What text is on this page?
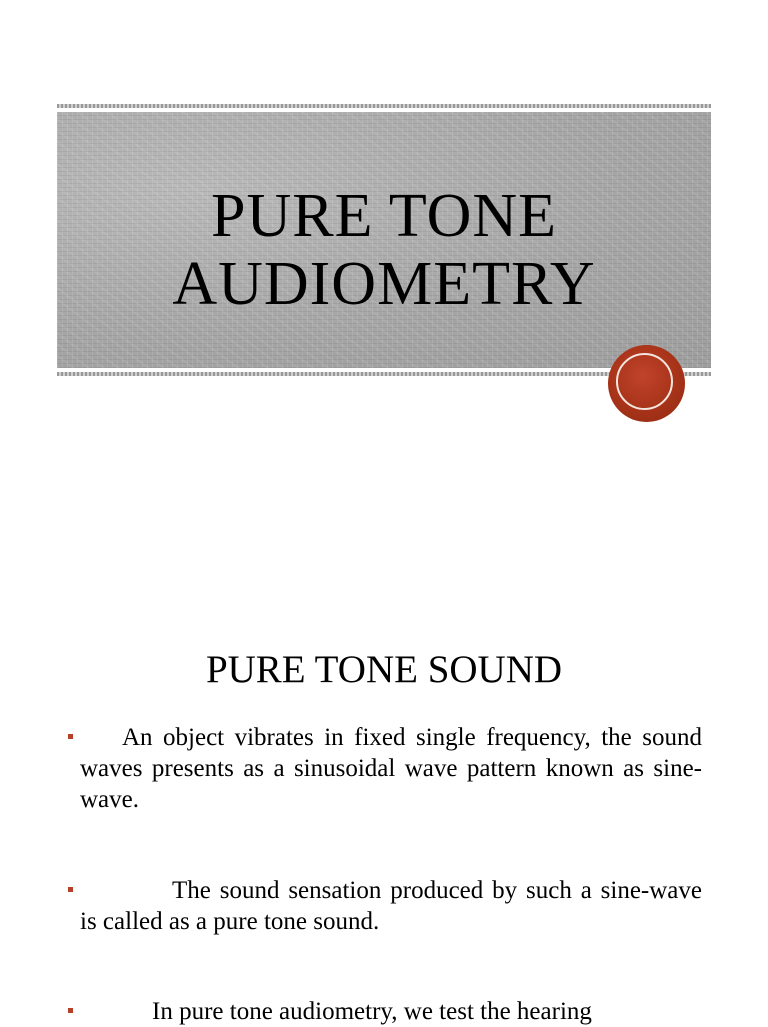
PURE TONE
AUDIOMETRY
PURE TONE SOUND
An object vibrates in fixed single frequency, the sound waves presents as a sinusoidal wave pattern known as sine-wave.
The sound sensation produced by such a sine-wave is called as a pure tone sound.
In pure tone audiometry, we test the hearing
